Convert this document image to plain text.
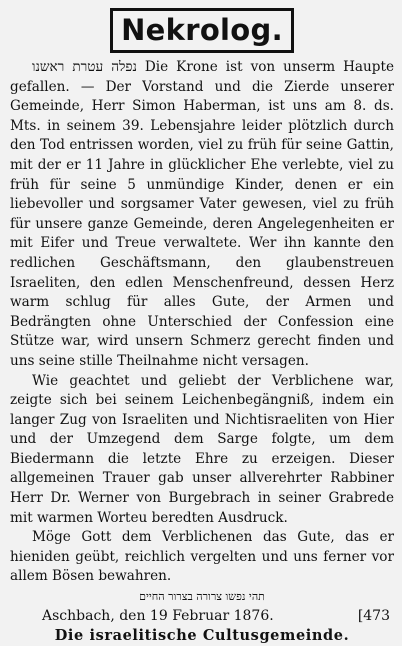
Nekrolog.

נפלה עטרת ראשנו Die Krone ist von unserm Haupte gefallen. — Der Vorstand und die Zierde unserer Gemeinde, Herr Simon Haberman, ist uns am 8. ds. Mts. in seinem 39. Lebensjahre leider plötzlich durch den Tod entrissen worden, viel zu früh für seine Gattin, mit der er 11 Jahre in glücklicher Ehe verlebte, viel zu früh für seine 5 unmündige Kinder, denen er ein liebevoller und sorgsamer Vater gewesen, viel zu früh für unsere ganze Gemeinde, deren Angelegenheiten er mit Eifer und Treue verwaltete. Wer ihn kannte den redlichen Geschäftsmann, den glaubenstreuen Israeliten, den edlen Menschenfreund, dessen Herz warm schlug für alles Gute, der Armen und Bedrängten ohne Unterschied der Confession eine Stütze war, wird unsern Schmerz gerecht finden und uns seine stille Theilnahme nicht versagen.

Wie geachtet und geliebt der Verblichene war, zeigte sich bei seinem Leichenbegängniß, indem ein langer Zug von Israeliten und Nichtisraeliten von Hier und der Umzegend dem Sarge folgte, um dem Biedermann die letzte Ehre zu erzeigen. Dieser allgemeinen Trauer gab unser allverehrter Rabbiner Herr Dr. Werner von Burgebrach in seiner Grabrede mit warmen Worteu beredten Ausdruck.

Möge Gott dem Verblichenen das Gute, das er hieniden geübt, reichlich vergelten und uns ferner vor allem Bösen bewahren.

תהי נפשו צרורה בצרור החיים
Aschbach, den 19 Februar 1876.	[473
Die israelitische Cultusgemeinde.
